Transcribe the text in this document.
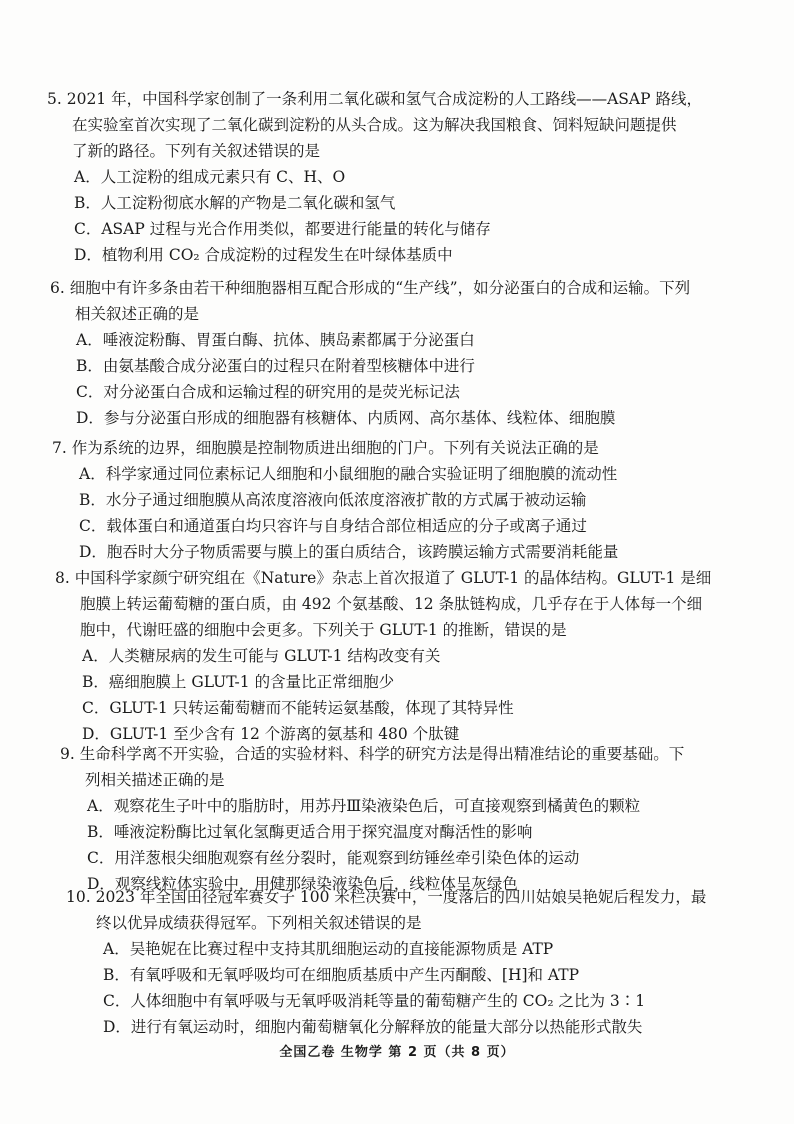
5. 2021 年，中国科学家创制了一条利用二氧化碳和氢气合成淀粉的人工路线——ASAP 路线，
在实验室首次实现了二氧化碳到淀粉的从头合成。这为解决我国粮食、饲料短缺问题提供
了新的路径。下列有关叙述错误的是
A．人工淀粉的组成元素只有 C、H、O
B．人工淀粉彻底水解的产物是二氧化碳和氢气
C．ASAP 过程与光合作用类似，都要进行能量的转化与储存
D．植物利用 CO₂ 合成淀粉的过程发生在叶绿体基质中
6. 细胞中有许多条由若干种细胞器相互配合形成的“生产线”，如分泌蛋白的合成和运输。下列
相关叙述正确的是
A．唾液淀粉酶、胃蛋白酶、抗体、胰岛素都属于分泌蛋白
B．由氨基酸合成分泌蛋白的过程只在附着型核糖体中进行
C．对分泌蛋白合成和运输过程的研究用的是荧光标记法
D．参与分泌蛋白形成的细胞器有核糖体、内质网、高尔基体、线粒体、细胞膜
7. 作为系统的边界，细胞膜是控制物质进出细胞的门户。下列有关说法正确的是
A．科学家通过同位素标记人细胞和小鼠细胞的融合实验证明了细胞膜的流动性
B．水分子通过细胞膜从高浓度溶液向低浓度溶液扩散的方式属于被动运输
C．载体蛋白和通道蛋白均只容许与自身结合部位相适应的分子或离子通过
D．胞吞时大分子物质需要与膜上的蛋白质结合，该跨膜运输方式需要消耗能量
8. 中国科学家颜宁研究组在《Nature》杂志上首次报道了 GLUT-1 的晶体结构。GLUT-1 是细
胞膜上转运葡萄糖的蛋白质，由 492 个氨基酸、12 条肽链构成，几乎存在于人体每一个细
胞中，代谢旺盛的细胞中会更多。下列关于 GLUT-1 的推断，错误的是
A．人类糖尿病的发生可能与 GLUT-1 结构改变有关
B．癌细胞膜上 GLUT-1 的含量比正常细胞少
C．GLUT-1 只转运葡萄糖而不能转运氨基酸，体现了其特异性
D．GLUT-1 至少含有 12 个游离的氨基和 480 个肽键
9. 生命科学离不开实验，合适的实验材料、科学的研究方法是得出精准结论的重要基础。下
列相关描述正确的是
A．观察花生子叶中的脂肪时，用苏丹Ⅲ染液染色后，可直接观察到橘黄色的颗粒
B．唾液淀粉酶比过氧化氢酶更适合用于探究温度对酶活性的影响
C．用洋葱根尖细胞观察有丝分裂时，能观察到纺锤丝牵引染色体的运动
D．观察线粒体实验中，用健那绿染液染色后，线粒体呈灰绿色
10. 2023 年全国田径冠军赛女子 100 米栏决赛中，一度落后的四川姑娘吴艳妮后程发力，最
终以优异成绩获得冠军。下列相关叙述错误的是
A．吴艳妮在比赛过程中支持其肌细胞运动的直接能源物质是 ATP
B．有氧呼吸和无氧呼吸均可在细胞质基质中产生丙酮酸、[H]和 ATP
C．人体细胞中有氧呼吸与无氧呼吸消耗等量的葡萄糖产生的 CO₂ 之比为 3∶1
D．进行有氧运动时，细胞内葡萄糖氧化分解释放的能量大部分以热能形式散失
全国乙卷 生物学 第 2 页（共 8 页）
